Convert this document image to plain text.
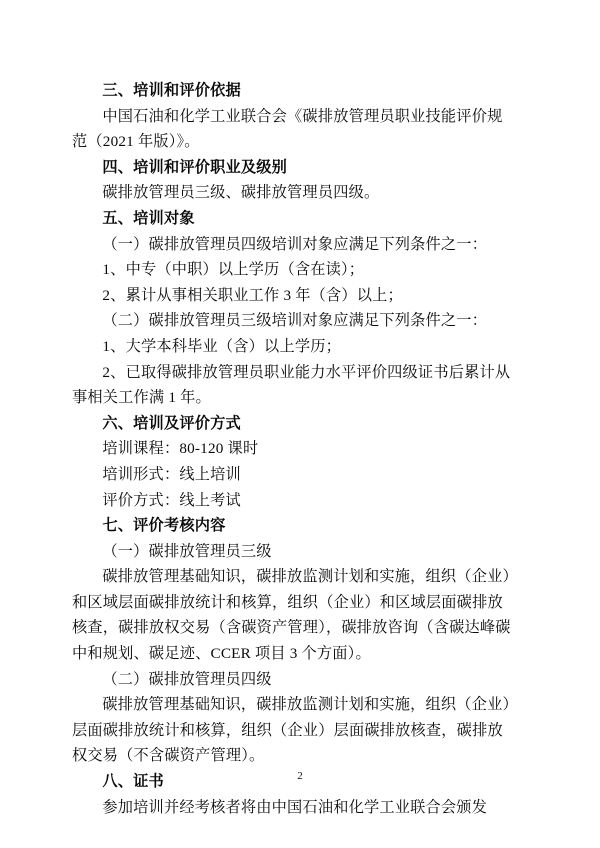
三、培训和评价依据
中国石油和化学工业联合会《碳排放管理员职业技能评价规
范（2021 年版）》。
四、培训和评价职业及级别
碳排放管理员三级、碳排放管理员四级。
五、培训对象
（一）碳排放管理员四级培训对象应满足下列条件之一：
1、中专（中职）以上学历（含在读）；
2、累计从事相关职业工作 3 年（含）以上；
（二）碳排放管理员三级培训对象应满足下列条件之一：
1、大学本科毕业（含）以上学历；
2、已取得碳排放管理员职业能力水平评价四级证书后累计从
事相关工作满 1 年。
六、培训及评价方式
培训课程：80-120 课时
培训形式：线上培训
评价方式：线上考试
七、评价考核内容
（一）碳排放管理员三级
碳排放管理基础知识，碳排放监测计划和实施，组织（企业）
和区域层面碳排放统计和核算，组织（企业）和区域层面碳排放
核查，碳排放权交易（含碳资产管理），碳排放咨询（含碳达峰碳
中和规划、碳足迹、CCER 项目 3 个方面）。
（二）碳排放管理员四级
碳排放管理基础知识，碳排放监测计划和实施，组织（企业）
层面碳排放统计和核算，组织（企业）层面碳排放核查，碳排放
权交易（不含碳资产管理）。
八、证书
参加培训并经考核者将由中国石油和化学工业联合会颁发
2
